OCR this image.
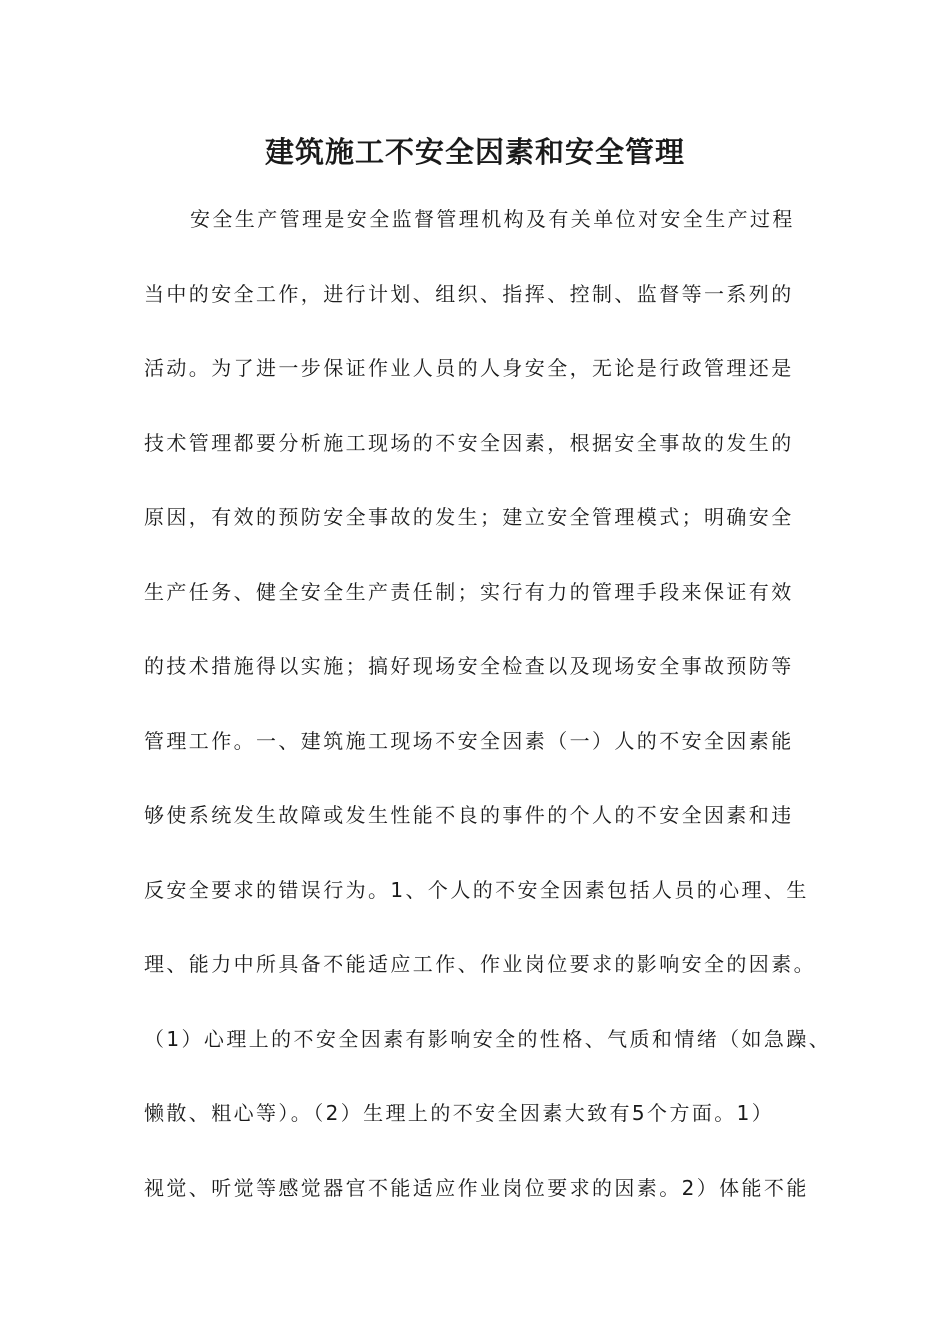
建筑施工不安全因素和安全管理
安全生产管理是安全监督管理机构及有关单位对安全生产过程
当中的安全工作，进行计划、组织、指挥、控制、监督等一系列的
活动。为了进一步保证作业人员的人身安全，无论是行政管理还是
技术管理都要分析施工现场的不安全因素，根据安全事故的发生的
原因，有效的预防安全事故的发生；建立安全管理模式；明确安全
生产任务、健全安全生产责任制；实行有力的管理手段来保证有效
的技术措施得以实施；搞好现场安全检查以及现场安全事故预防等
管理工作。一、建筑施工现场不安全因素（一）人的不安全因素能
够使系统发生故障或发生性能不良的事件的个人的不安全因素和违
反安全要求的错误行为。1、个人的不安全因素包括人员的心理、生
理、能力中所具备不能适应工作、作业岗位要求的影响安全的因素。
（1）心理上的不安全因素有影响安全的性格、气质和情绪（如急躁、
懒散、粗心等）。（2）生理上的不安全因素大致有5个方面。1）
视觉、听觉等感觉器官不能适应作业岗位要求的因素。2）体能不能
